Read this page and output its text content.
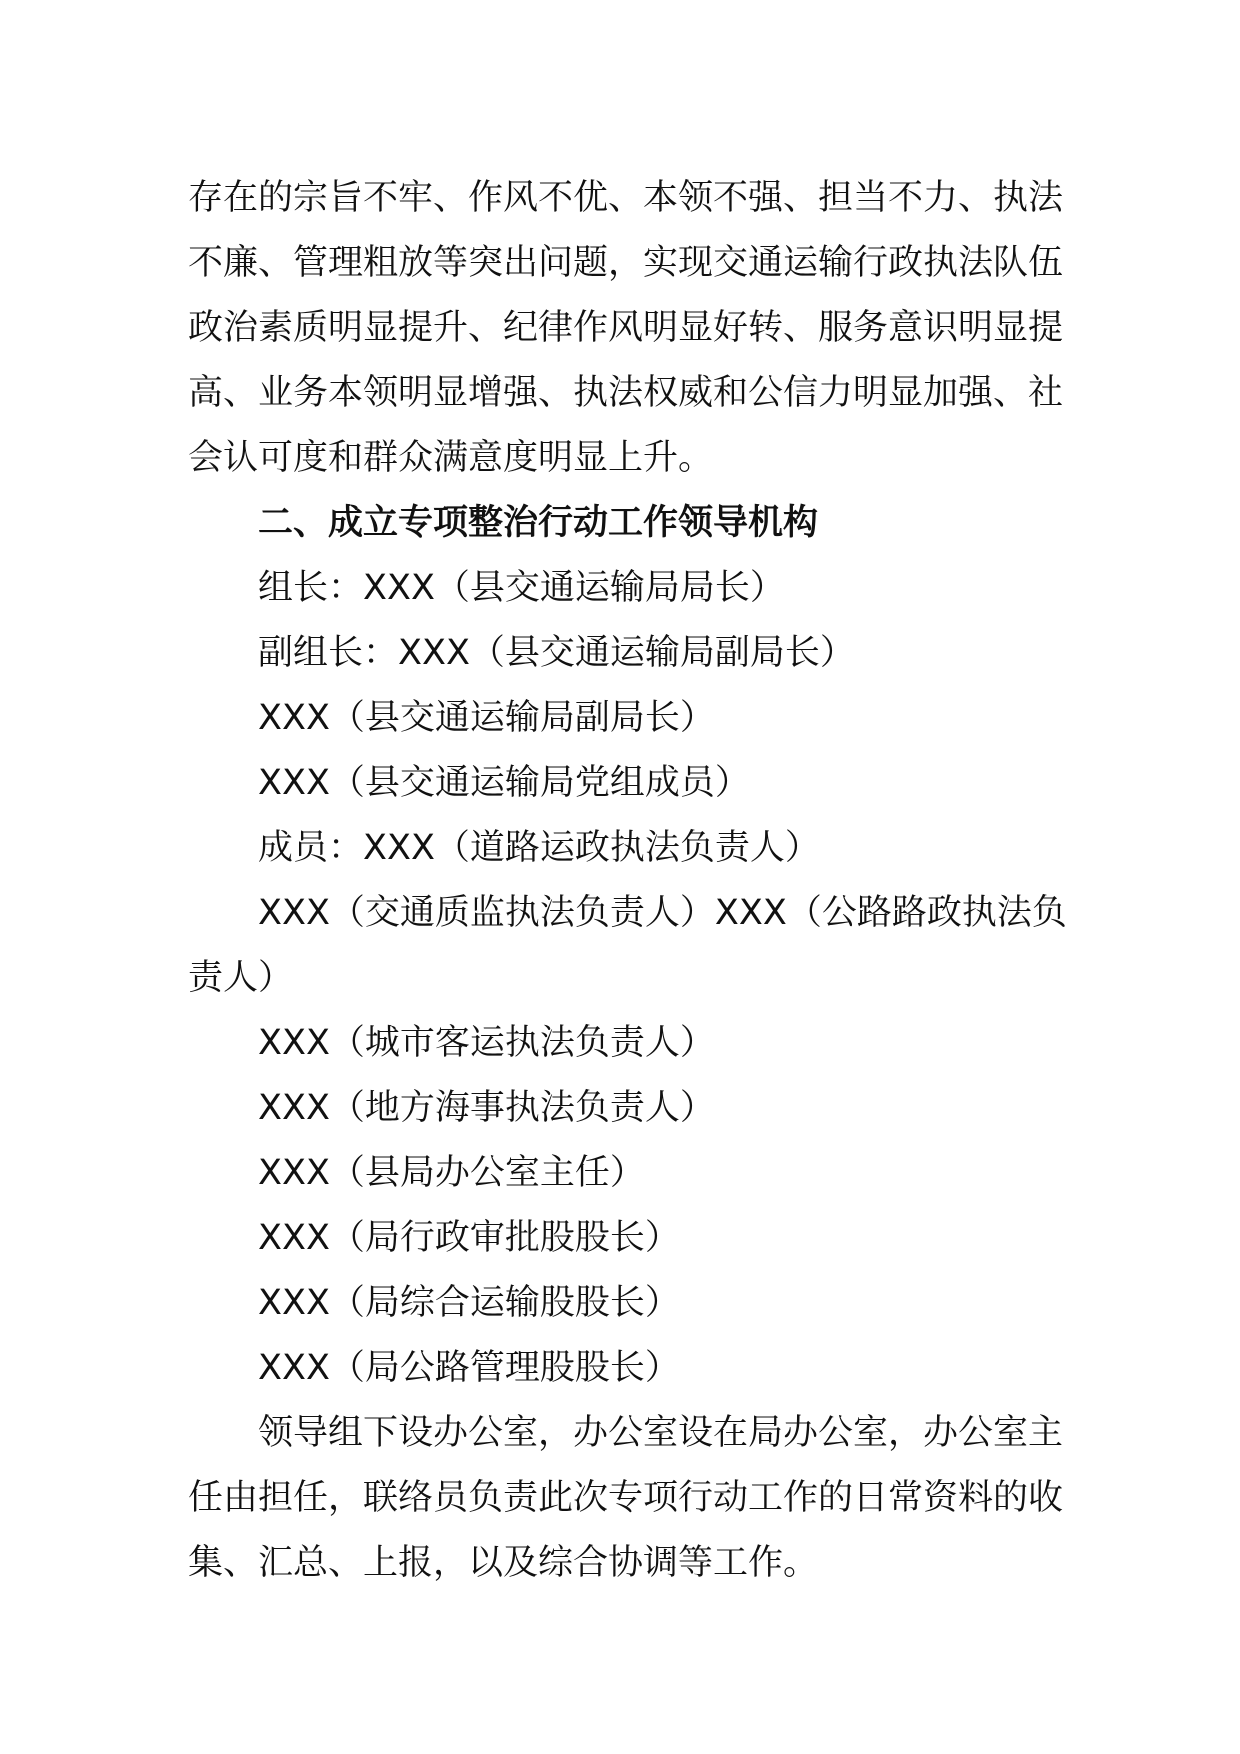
存在的宗旨不牢、作风不优、本领不强、担当不力、执法
不廉、管理粗放等突出问题，实现交通运输行政执法队伍
政治素质明显提升、纪律作风明显好转、服务意识明显提
高、业务本领明显增强、执法权威和公信力明显加强、社
会认可度和群众满意度明显上升。
二、成立专项整治行动工作领导机构
组长：XXX（县交通运输局局长）
副组长：XXX（县交通运输局副局长）
XXX（县交通运输局副局长）
XXX（县交通运输局党组成员）
成员：XXX（道路运政执法负责人）
XXX（交通质监执法负责人）XXX（公路路政执法负
责人）
XXX（城市客运执法负责人）
XXX（地方海事执法负责人）
XXX（县局办公室主任）
XXX（局行政审批股股长）
XXX（局综合运输股股长）
XXX（局公路管理股股长）
领导组下设办公室，办公室设在局办公室，办公室主
任由担任，联络员负责此次专项行动工作的日常资料的收
集、汇总、上报，以及综合协调等工作。
